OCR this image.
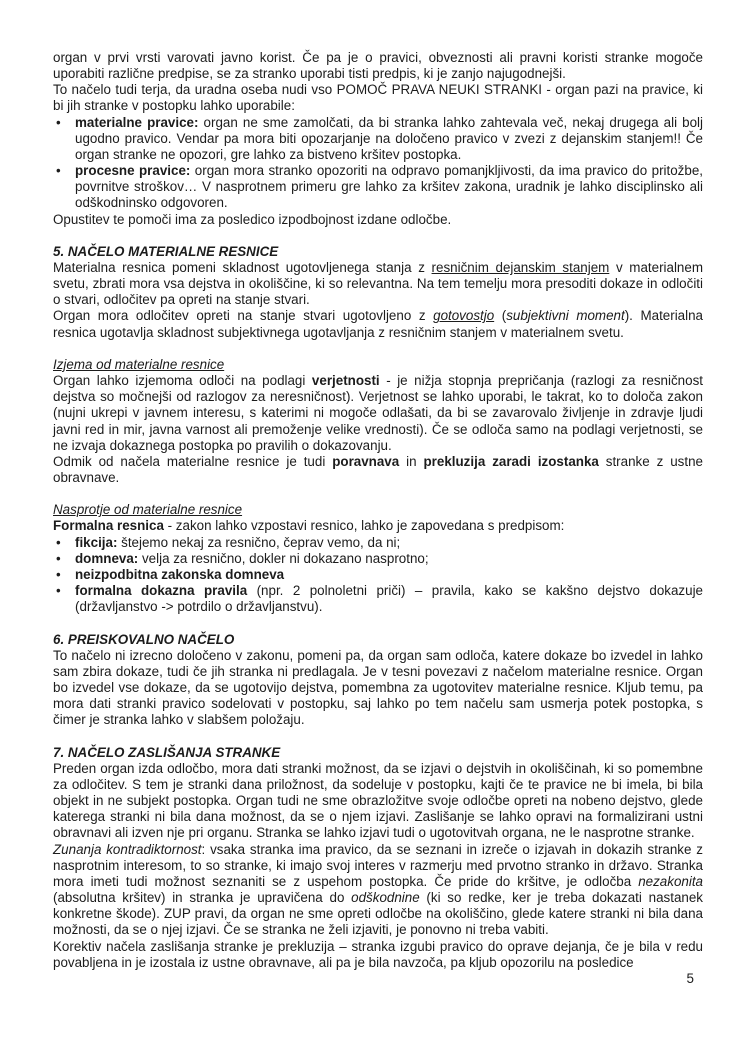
organ v prvi vrsti varovati javno korist. Če pa je o pravici, obveznosti ali pravni koristi stranke mogoče uporabiti različne predpise, se za stranko uporabi tisti predpis, ki je zanjo najugodnejši.
To načelo tudi terja, da uradna oseba nudi vso POMOČ PRAVA NEUKI STRANKI - organ pazi na pravice, ki bi jih stranke v postopku lahko uporabile:
• materialne pravice: organ ne sme zamolčati, da bi stranka lahko zahtevala več, nekaj drugega ali bolj ugodno pravico. Vendar pa mora biti opozarjanje na določeno pravico v zvezi z dejanskim stanjem!! Če organ stranke ne opozori, gre lahko za bistveno kršitev postopka.
• procesne pravice: organ mora stranko opozoriti na odpravo pomanjkljivosti, da ima pravico do pritožbe, povrnitve stroškov… V nasprotnem primeru gre lahko za kršitev zakona, uradnik je lahko disciplinsko ali odškodninsko odgovoren.
Opustitev te pomoči ima za posledico izpodbojnost izdane odločbe.
5. NAČELO MATERIALNE RESNICE
Materialna resnica pomeni skladnost ugotovljenega stanja z resničnim dejanskim stanjem v materialnem svetu, zbrati mora vsa dejstva in okoliščine, ki so relevantna. Na tem temelju mora presoditi dokaze in odločiti o stvari, odločitev pa opreti na stanje stvari.
Organ mora odločitev opreti na stanje stvari ugotovljeno z gotovostjo (subjektivni moment). Materialna resnica ugotavlja skladnost subjektivnega ugotavljanja z resničnim stanjem v materialnem svetu.
Izjema od materialne resnice
Organ lahko izjemoma odloči na podlagi verjetnosti - je nižja stopnja prepričanja (razlogi za resničnost dejstva so močnejši od razlogov za neresničnost). Verjetnost se lahko uporabi, le takrat, ko to določa zakon (nujni ukrepi v javnem interesu, s katerimi ni mogoče odlašati, da bi se zavarovalo življenje in zdravje ljudi javni red in mir, javna varnost ali premoženje velike vrednosti). Če se odloča samo na podlagi verjetnosti, se ne izvaja dokaznega postopka po pravilih o dokazovanju.
Odmik od načela materialne resnice je tudi poravnava in prekluzija zaradi izostanka stranke z ustne obravnave.
Nasprotje od materialne resnice
Formalna resnica - zakon lahko vzpostavi resnico, lahko je zapovedana s predpisom:
• fikcija: štejemo nekaj za resnično, čeprav vemo, da ni;
• domneva: velja za resnično, dokler ni dokazano nasprotno;
• neizpodbitna zakonska domneva
• formalna dokazna pravila (npr. 2 polnoletni priči) – pravila, kako se kakšno dejstvo dokazuje (državljanstvo -> potrdilo o državljanstvu).
6. PREISKOVALNO NAČELO
To načelo ni izrecno določeno v zakonu, pomeni pa, da organ sam odloča, katere dokaze bo izvedel in lahko sam zbira dokaze, tudi če jih stranka ni predlagala. Je v tesni povezavi z načelom materialne resnice. Organ bo izvedel vse dokaze, da se ugotovijo dejstva, pomembna za ugotovitev materialne resnice. Kljub temu, pa mora dati stranki pravico sodelovati v postopku, saj lahko po tem načelu sam usmerja potek postopka, s čimer je stranka lahko v slabšem položaju.
7. NAČELO ZASLIŠANJA STRANKE
Preden organ izda odločbo, mora dati stranki možnost, da se izjavi o dejstvih in okoliščinah, ki so pomembne za odločitev. S tem je stranki dana priložnost, da sodeluje v postopku, kajti če te pravice ne bi imela, bi bila objekt in ne subjekt postopka. Organ tudi ne sme obrazložitve svoje odločbe opreti na nobeno dejstvo, glede katerega stranki ni bila dana možnost, da se o njem izjavi. Zaslišanje se lahko opravi na formalizirani ustni obravnavi ali izven nje pri organu. Stranka se lahko izjavi tudi o ugotovitvah organa, ne le nasprotne stranke.
Zunanja kontradiktornost: vsaka stranka ima pravico, da se seznani in izreče o izjavah in dokazih stranke z nasprotnim interesom, to so stranke, ki imajo svoj interes v razmerju med prvotno stranko in državo. Stranka mora imeti tudi možnost seznaniti se z uspehom postopka. Če pride do kršitve, je odločba nezakonita (absolutna kršitev) in stranka je upravičena do odškodnine (ki so redke, ker je treba dokazati nastanek konkretne škode). ZUP pravi, da organ ne sme opreti odločbe na okoliščino, glede katere stranki ni bila dana možnosti, da se o njej izjavi. Če se stranka ne želi izjaviti, je ponovno ni treba vabiti.
Korektiv načela zaslišanja stranke je prekluzija – stranka izgubi pravico do oprave dejanja, če je bila v redu povabljena in je izostala iz ustne obravnave, ali pa je bila navzoča, pa kljub opozorilu na posledice
5
